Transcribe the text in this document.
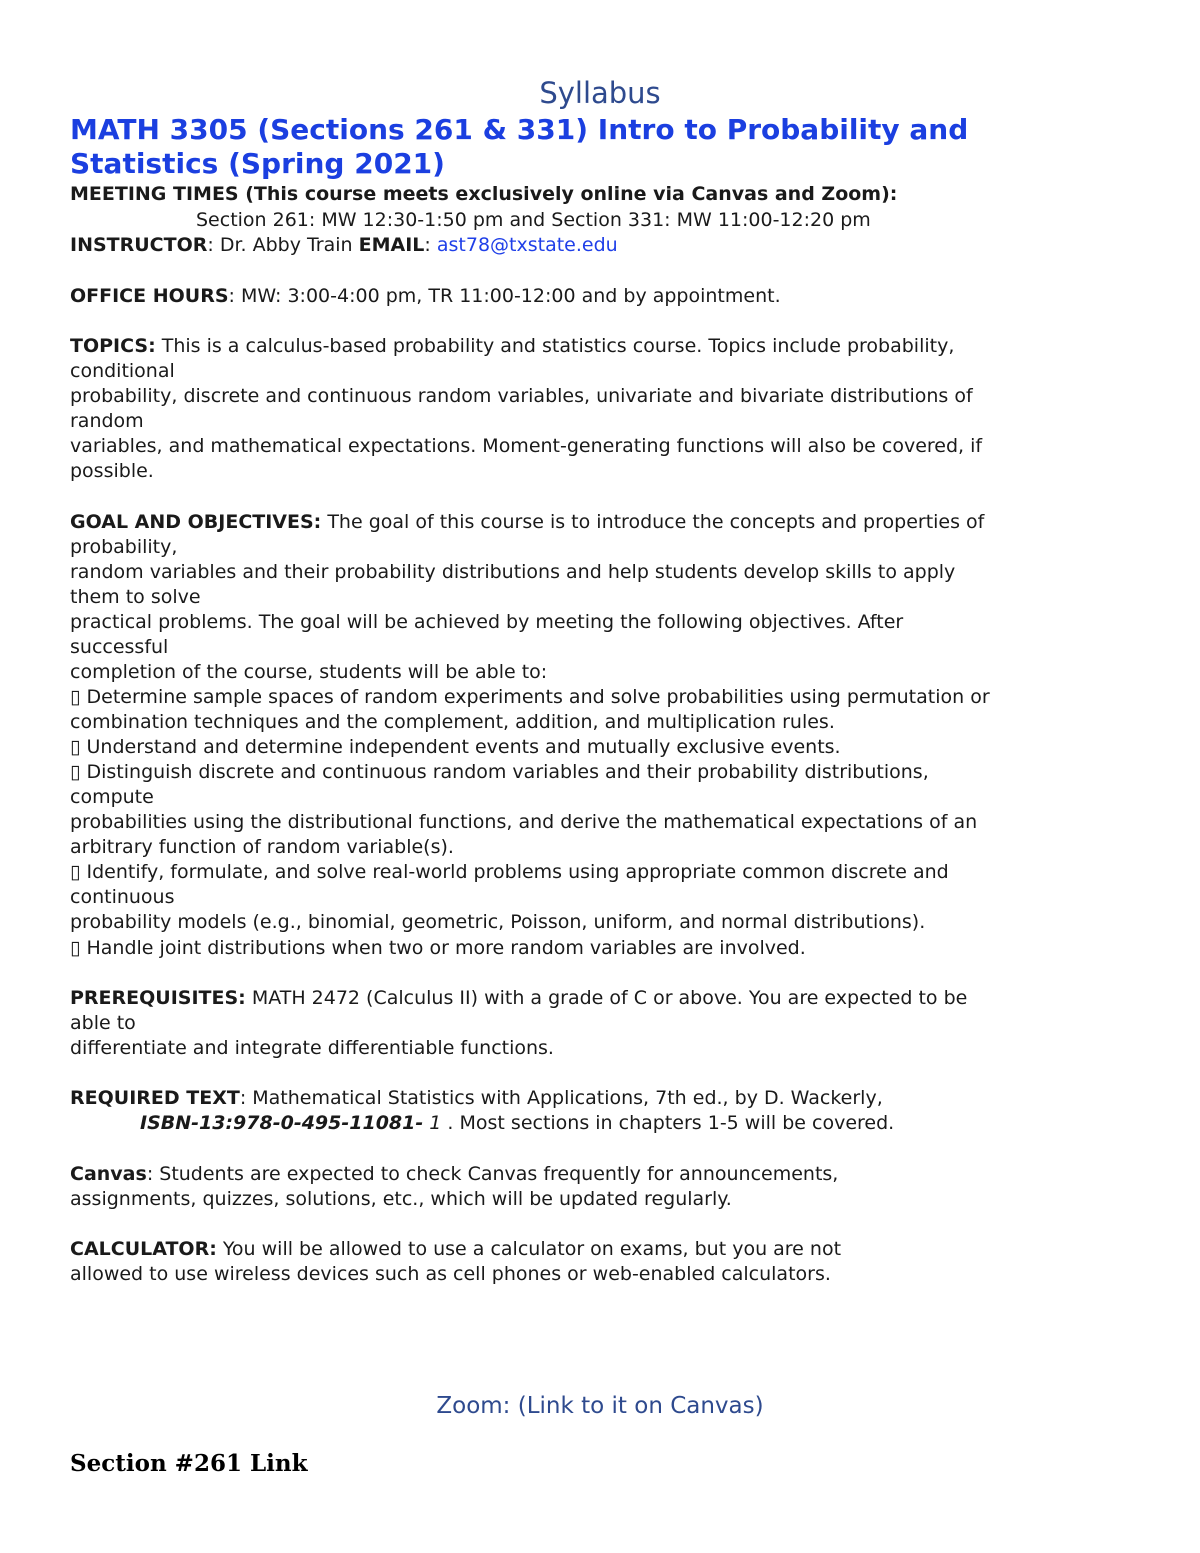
Syllabus
MATH 3305 (Sections 261 & 331) Intro to Probability and Statistics (Spring 2021)
MEETING TIMES (This course meets exclusively online via Canvas and Zoom):
Section 261: MW 12:30-1:50 pm and Section 331: MW 11:00-12:20 pm
INSTRUCTOR: Dr. Abby Train EMAIL: ast78@txstate.edu
OFFICE HOURS: MW: 3:00-4:00 pm, TR 11:00-12:00 and by appointment.
TOPICS: This is a calculus-based probability and statistics course. Topics include probability,
conditional
probability, discrete and continuous random variables, univariate and bivariate distributions of
random
variables, and mathematical expectations. Moment-generating functions will also be covered, if
possible.
GOAL AND OBJECTIVES: The goal of this course is to introduce the concepts and properties of
probability,
random variables and their probability distributions and help students develop skills to apply
them to solve
practical problems. The goal will be achieved by meeting the following objectives. After
successful
completion of the course, students will be able to:
▯ Determine sample spaces of random experiments and solve probabilities using permutation or
combination techniques and the complement, addition, and multiplication rules.
▯ Understand and determine independent events and mutually exclusive events.
▯ Distinguish discrete and continuous random variables and their probability distributions,
compute
probabilities using the distributional functions, and derive the mathematical expectations of an
arbitrary function of random variable(s).
▯ Identify, formulate, and solve real-world problems using appropriate common discrete and
continuous
probability models (e.g., binomial, geometric, Poisson, uniform, and normal distributions).
▯ Handle joint distributions when two or more random variables are involved.
PREREQUISITES: MATH 2472 (Calculus II) with a grade of C or above. You are expected to be
able to
differentiate and integrate differentiable functions.
REQUIRED TEXT: Mathematical Statistics with Applications, 7th ed., by D. Wackerly,
ISBN-13:978-0-495-11081- 1 . Most sections in chapters 1-5 will be covered.
Canvas: Students are expected to check Canvas frequently for announcements,
assignments, quizzes, solutions, etc., which will be updated regularly.
CALCULATOR: You will be allowed to use a calculator on exams, but you are not
allowed to use wireless devices such as cell phones or web-enabled calculators.
Zoom: (Link to it on Canvas)
Section #261 Link
